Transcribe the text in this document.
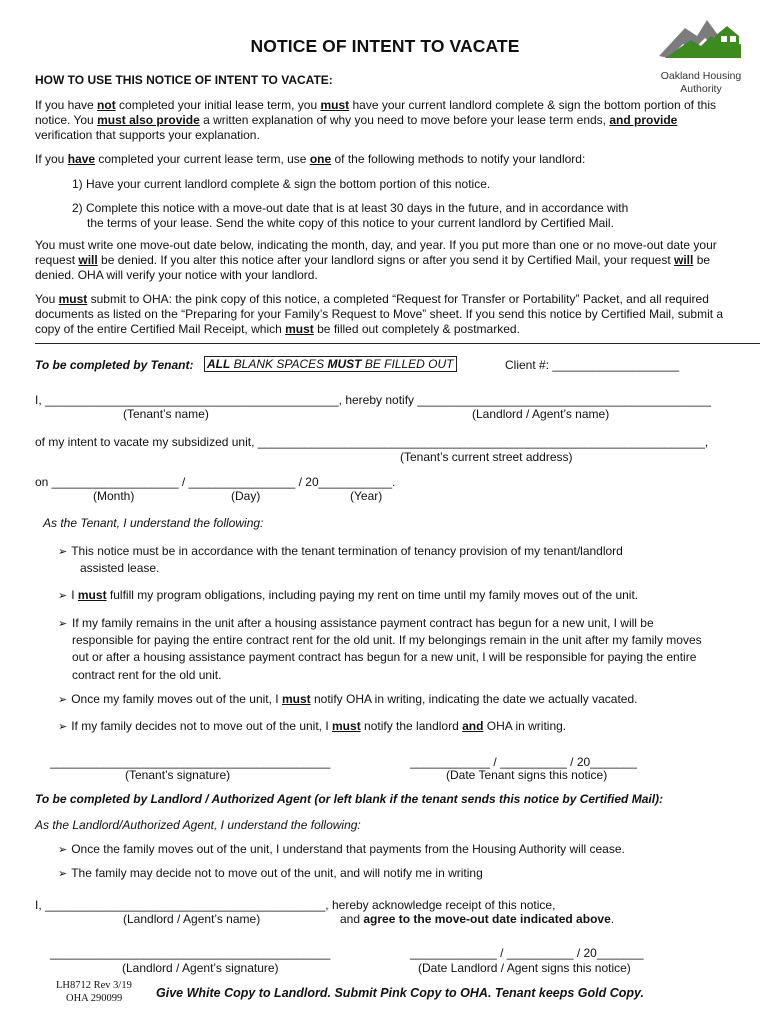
NOTICE OF INTENT TO VACATE
Oakland Housing
Authority
HOW TO USE THIS NOTICE OF INTENT TO VACATE:
If you have not completed your initial lease term, you must have your current landlord complete & sign the bottom portion of this notice. You must also provide a written explanation of why you need to move before your lease term ends, and provide verification that supports your explanation.
If you have completed your current lease term, use one of the following methods to notify your landlord:
1) Have your current landlord complete & sign the bottom portion of this notice.
2) Complete this notice with a move-out date that is at least 30 days in the future, and in accordance with
the terms of your lease. Send the white copy of this notice to your current landlord by Certified Mail.
You must write one move-out date below, indicating the month, day, and year. If you put more than one or no move-out date your request will be denied. If you alter this notice after your landlord signs or after you send it by Certified Mail, your request will be denied. OHA will verify your notice with your landlord.
You must submit to OHA: the pink copy of this notice, a completed “Request for Transfer or Portability” Packet, and all required documents as listed on the “Preparing for your Family’s Request to Move” sheet. If you send this notice by Certified Mail, submit a copy of the entire Certified Mail Receipt, which must be filled out completely & postmarked.
To be completed by Tenant: ALL BLANK SPACES MUST BE FILLED OUT	Client #: ___________________
I, ____________________________________________, hereby notify ____________________________________________
(Tenant’s name)	(Landlord / Agent’s name)
of my intent to vacate my subsidized unit, ___________________________________________________________________,
(Tenant’s current street address)
on ___________________ / ________________ / 20___________.
(Month)	(Day)	(Year)
As the Tenant, I understand the following:
➢ This notice must be in accordance with the tenant termination of tenancy provision of my tenant/landlord
assisted lease.
➢ I must fulfill my program obligations, including paying my rent on time until my family moves out of the unit.
➢ If my family remains in the unit after a housing assistance payment contract has begun for a new unit, I will be responsible for paying the entire contract rent for the old unit. If my belongings remain in the unit after my family moves out or after a housing assistance payment contract has begun for a new unit, I will be responsible for paying the entire contract rent for the old unit.
➢ Once my family moves out of the unit, I must notify OHA in writing, indicating the date we actually vacated.
➢ If my family decides not to move out of the unit, I must notify the landlord and OHA in writing.
__________________________________________	____________ / __________ / 20_______
(Tenant’s signature)	(Date Tenant signs this notice)
To be completed by Landlord / Authorized Agent (or left blank if the tenant sends this notice by Certified Mail):
As the Landlord/Authorized Agent, I understand the following:
➢ Once the family moves out of the unit, I understand that payments from the Housing Authority will cease.
➢ The family may decide not to move out of the unit, and will notify me in writing
I, __________________________________________, hereby acknowledge receipt of this notice,
(Landlord / Agent’s name)	and agree to the move-out date indicated above.
__________________________________________	_____________ / __________ / 20_______
(Landlord / Agent’s signature)	(Date Landlord / Agent signs this notice)
LH8712 Rev 3/19
OHA 290099	Give White Copy to Landlord. Submit Pink Copy to OHA. Tenant keeps Gold Copy.
